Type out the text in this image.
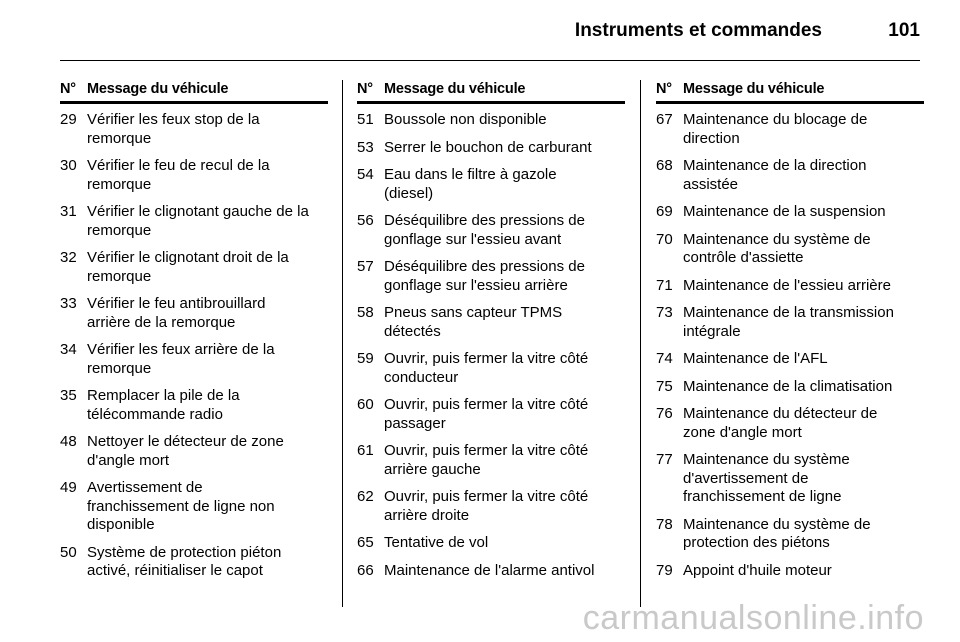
Instruments et commandes	101
N° Message du véhicule
29 Vérifier les feux stop de la
remorque
30 Vérifier le feu de recul de la
remorque
31 Vérifier le clignotant gauche de la
remorque
32 Vérifier le clignotant droit de la
remorque
33 Vérifier le feu antibrouillard
arrière de la remorque
34 Vérifier les feux arrière de la
remorque
35 Remplacer la pile de la
télécommande radio
48 Nettoyer le détecteur de zone
d'angle mort
49 Avertissement de
franchissement de ligne non
disponible
50 Système de protection piéton
activé, réinitialiser le capot
N° Message du véhicule
51 Boussole non disponible
53 Serrer le bouchon de carburant
54 Eau dans le filtre à gazole
(diesel)
56 Déséquilibre des pressions de
gonflage sur l'essieu avant
57 Déséquilibre des pressions de
gonflage sur l'essieu arrière
58 Pneus sans capteur TPMS
détectés
59 Ouvrir, puis fermer la vitre côté
conducteur
60 Ouvrir, puis fermer la vitre côté
passager
61 Ouvrir, puis fermer la vitre côté
arrière gauche
62 Ouvrir, puis fermer la vitre côté
arrière droite
65 Tentative de vol
66 Maintenance de l'alarme antivol
N° Message du véhicule
67 Maintenance du blocage de
direction
68 Maintenance de la direction
assistée
69 Maintenance de la suspension
70 Maintenance du système de
contrôle d'assiette
71 Maintenance de l'essieu arrière
73 Maintenance de la transmission
intégrale
74 Maintenance de l'AFL
75 Maintenance de la climatisation
76 Maintenance du détecteur de
zone d'angle mort
77 Maintenance du système
d'avertissement de
franchissement de ligne
78 Maintenance du système de
protection des piétons
79 Appoint d'huile moteur
carmanualsonline.info
